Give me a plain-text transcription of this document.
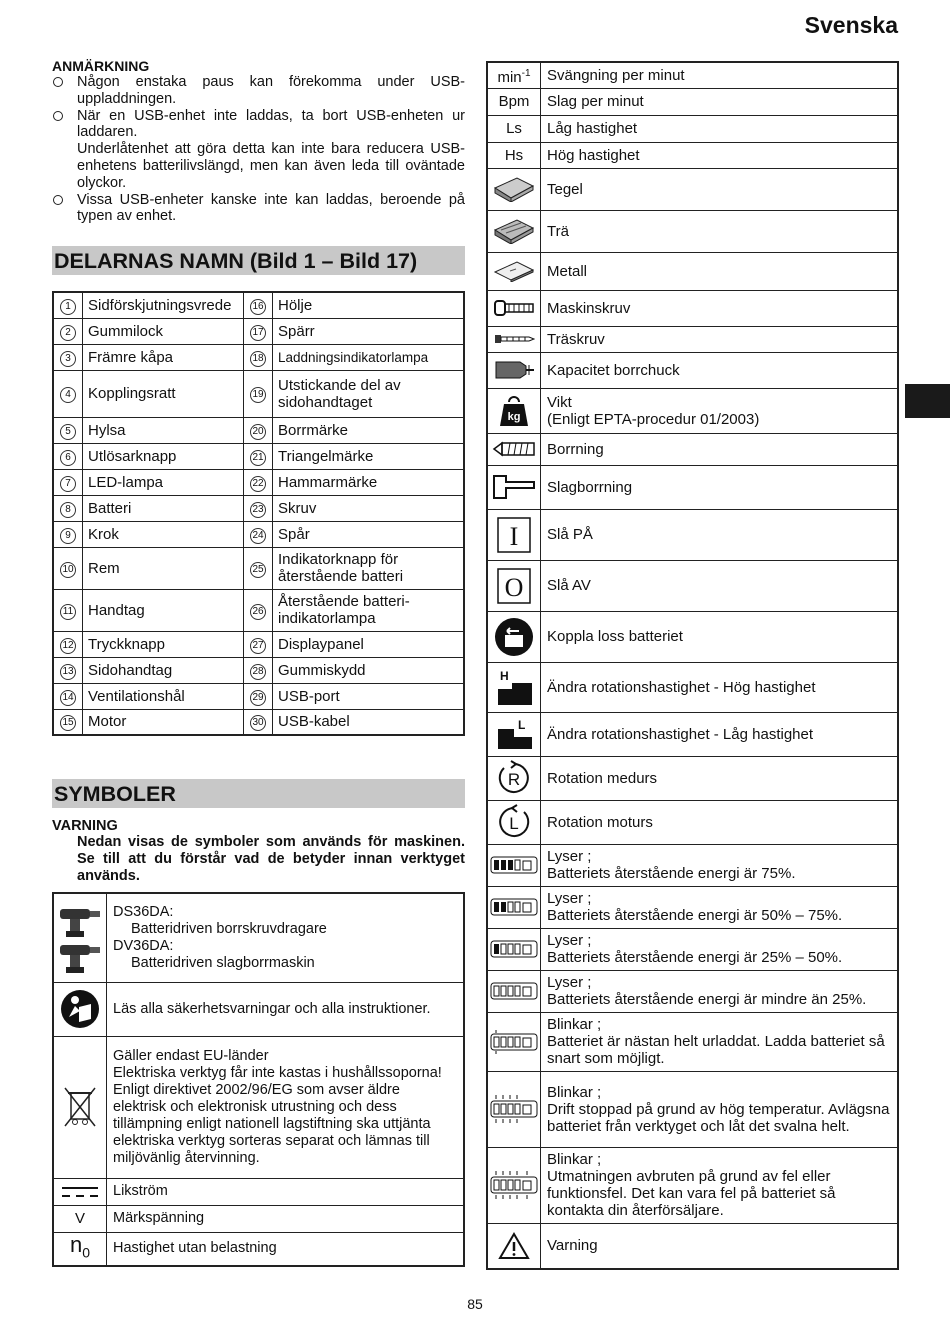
Svenska
ANMÄRKNING
Någon enstaka paus kan förekomma under USB-uppladdningen.
När en USB-enhet inte laddas, ta bort USB-enheten ur laddaren.
Underlåtenhet att göra detta kan inte bara reducera USB-enhetens batterilivslängd, men kan även leda till oväntade olyckor.
Vissa USB-enheter kanske inte kan laddas, beroende på typen av enhet.
DELARNAS NAMN (Bild 1 – Bild 17)
1	Sidförskjutningsvrede	16	Hölje
2	Gummilock	17	Spärr
3	Främre kåpa	18	Laddningsindikatorlampa
4	Kopplingsratt	19	Utstickande del av sidohandtaget
5	Hylsa	20	Borrmärke
6	Utlösarknapp	21	Triangelmärke
7	LED-lampa	22	Hammarmärke
8	Batteri	23	Skruv
9	Krok	24	Spår
10	Rem	25	Indikatorknapp för återstående batteri
11	Handtag	26	Återstående batteri-indikatorlampa
12	Tryckknapp	27	Displaypanel
13	Sidohandtag	28	Gummiskydd
14	Ventilationshål	29	USB-port
15	Motor	30	USB-kabel
SYMBOLER
VARNING
Nedan visas de symboler som används för maskinen. Se till att du förstår vad de betyder innan verktyget används.

DS36DA:
Batteridriven borrskruvdragare
DV36DA:
Batteridriven slagborrmaskin

	Läs alla säkerhetsvarningar och alla instruktioner.

	Gäller endast EU-länder
Elektriska verktyg får inte kastas i hushållssoporna!
Enligt direktivet 2002/96/EG som avser äldre elektrisk och elektronisk utrustning och dess tillämpning enligt nationell lagstiftning ska uttjänta elektriska verktyg sorteras separat och lämnas till miljövänlig återvinning.

	Likström
V	Märkspänning
$n_0$	Hastighet utan belastning
$\min^{-1}$	Svängning per minut
Bpm	Slag per minut
Ls	Låg hastighet
Hs	Hög hastighet

	Tegel

	Trä

	Metall

	Maskinskruv

	Träskruv

	Kapacitet borrchuck

kg	Vikt
(Enligt EPTA-procedur 01/2003)

	Borrning

	Slagborrning

I	Slå PÅ

O	Slå AV

	Koppla loss batteriet

H	Ändra rotationshastighet - Hög hastighet

L	Ändra rotationshastighet - Låg hastighet

R	Rotation medurs

L	Rotation moturs

Lyser ;
Batteriets återstående energi är 75%.

Lyser ;
Batteriets återstående energi är 50% – 75%.

Lyser ;
Batteriets återstående energi är 25% – 50%.

Lyser ;
Batteriets återstående energi är mindre än 25%.

Blinkar ;
Batteriet är nästan helt urladdat. Ladda batteriet så snart som möjligt.

Blinkar ;
Drift stoppad på grund av hög temperatur. Avlägsna batteriet från verktyget och låt det svalna helt.

Blinkar ;
Utmatningen avbruten på grund av fel eller funktionsfel. Det kan vara fel på batteriet så kontakta din återförsäljare.

	Varning
85
